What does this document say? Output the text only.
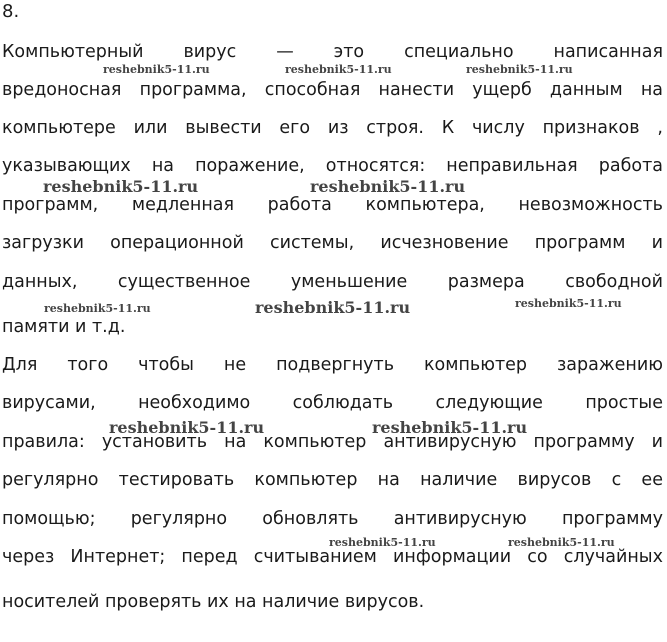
8.
Компьютерный вирус — это специально написанная
вредоносная программа, способная нанести ущерб данным на
компьютере или вывести его из строя. К числу признаков ,
указывающих на поражение, относятся: неправильная работа
программ, медленная работа компьютера, невозможность
загрузки операционной системы, исчезновение программ и
данных, существенное уменьшение размера свободной
памяти и т.д.
Для того чтобы не подвергнуть компьютер заражению
вирусами, необходимо соблюдать следующие простые
правила: установить на компьютер антивирусную программу и
регулярно тестировать компьютер на наличие вирусов с ее
помощью; регулярно обновлять антивирусную программу
через Интернет; перед считыванием информации со случайных
носителей проверять их на наличие вирусов.
reshebnik5-11.ru	reshebnik5-11.ru	reshebnik5-11.ru
reshebnik5-11.ru	reshebnik5-11.ru
reshebnik5-11.ru	reshebnik5-11.ru	reshebnik5-11.ru
reshebnik5-11.ru	reshebnik5-11.ru
reshebnik5-11.ru	reshebnik5-11.ru
